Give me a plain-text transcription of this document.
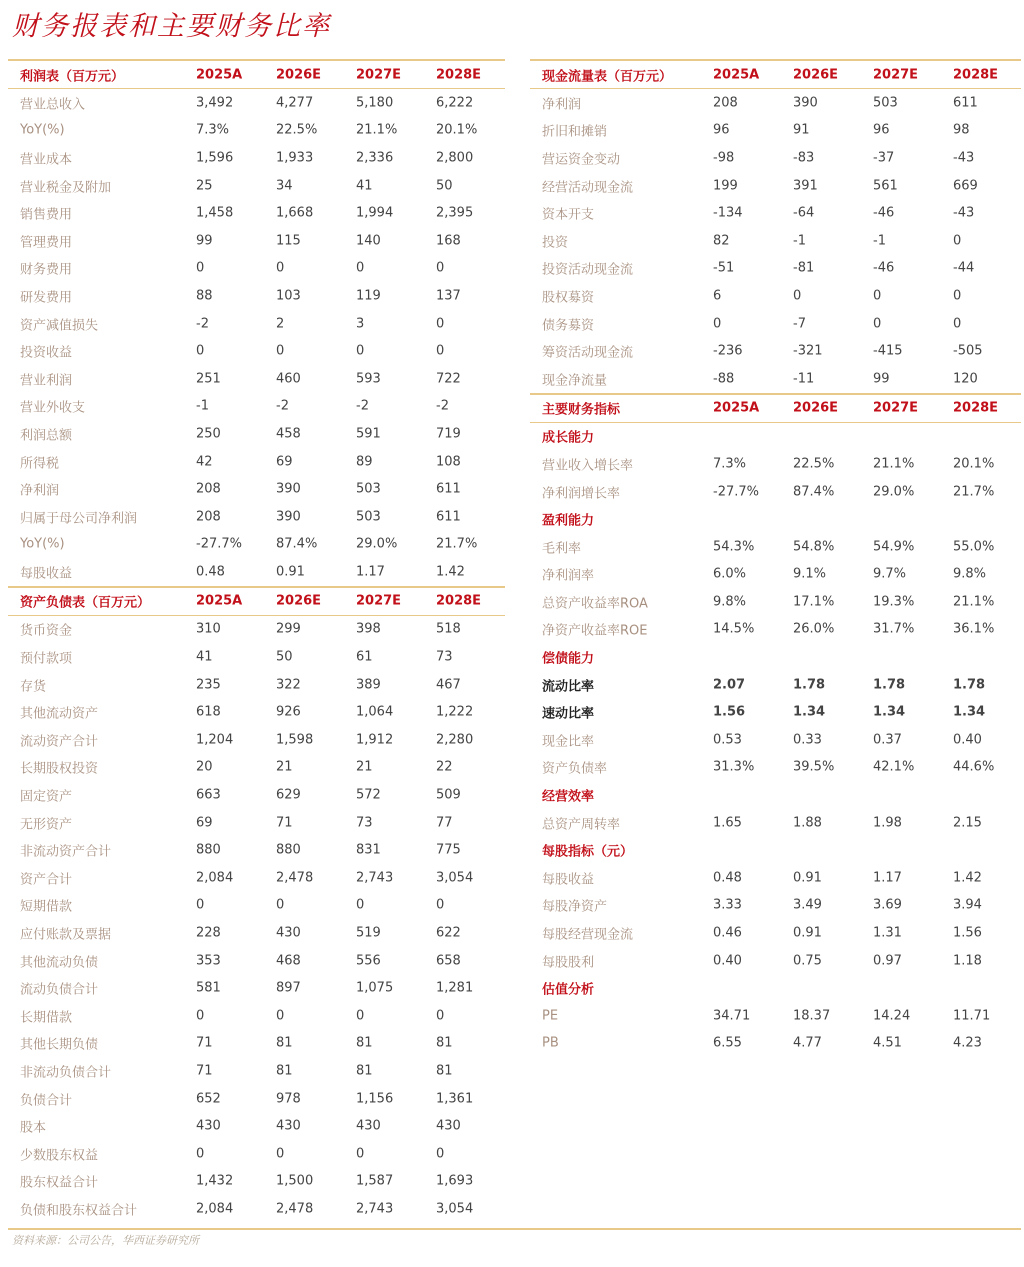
财务报表和主要财务比率
利润表（百万元）	2025A	2026E	2027E	2028E
营业总收入	3,492	4,277	5,180	6,222
YoY(%)	7.3%	22.5%	21.1%	20.1%
营业成本	1,596	1,933	2,336	2,800
营业税金及附加	25	34	41	50
销售费用	1,458	1,668	1,994	2,395
管理费用	99	115	140	168
财务费用	0	0	0	0
研发费用	88	103	119	137
资产减值损失	-2	2	3	0
投资收益	0	0	0	0
营业利润	251	460	593	722
营业外收支	-1	-2	-2	-2
利润总额	250	458	591	719
所得税	42	69	89	108
净利润	208	390	503	611
归属于母公司净利润	208	390	503	611
YoY(%)	-27.7%	87.4%	29.0%	21.7%
每股收益	0.48	0.91	1.17	1.42
资产负债表（百万元）	2025A	2026E	2027E	2028E
货币资金	310	299	398	518
预付款项	41	50	61	73
存货	235	322	389	467
其他流动资产	618	926	1,064	1,222
流动资产合计	1,204	1,598	1,912	2,280
长期股权投资	20	21	21	22
固定资产	663	629	572	509
无形资产	69	71	73	77
非流动资产合计	880	880	831	775
资产合计	2,084	2,478	2,743	3,054
短期借款	0	0	0	0
应付账款及票据	228	430	519	622
其他流动负债	353	468	556	658
流动负债合计	581	897	1,075	1,281
长期借款	0	0	0	0
其他长期负债	71	81	81	81
非流动负债合计	71	81	81	81
负债合计	652	978	1,156	1,361
股本	430	430	430	430
少数股东权益	0	0	0	0
股东权益合计	1,432	1,500	1,587	1,693
负债和股东权益合计	2,084	2,478	2,743	3,054
现金流量表（百万元）	2025A	2026E	2027E	2028E
净利润	208	390	503	611
折旧和摊销	96	91	96	98
营运资金变动	-98	-83	-37	-43
经营活动现金流	199	391	561	669
资本开支	-134	-64	-46	-43
投资	82	-1	-1	0
投资活动现金流	-51	-81	-46	-44
股权募资	6	0	0	0
债务募资	0	-7	0	0
筹资活动现金流	-236	-321	-415	-505
现金净流量	-88	-11	99	120
主要财务指标	2025A	2026E	2027E	2028E
成长能力
营业收入增长率	7.3%	22.5%	21.1%	20.1%
净利润增长率	-27.7%	87.4%	29.0%	21.7%
盈利能力
毛利率	54.3%	54.8%	54.9%	55.0%
净利润率	6.0%	9.1%	9.7%	9.8%
总资产收益率ROA	9.8%	17.1%	19.3%	21.1%
净资产收益率ROE	14.5%	26.0%	31.7%	36.1%
偿债能力
流动比率	2.07	1.78	1.78	1.78
速动比率	1.56	1.34	1.34	1.34
现金比率	0.53	0.33	0.37	0.40
资产负债率	31.3%	39.5%	42.1%	44.6%
经营效率
总资产周转率	1.65	1.88	1.98	2.15
每股指标（元）
每股收益	0.48	0.91	1.17	1.42
每股净资产	3.33	3.49	3.69	3.94
每股经营现金流	0.46	0.91	1.31	1.56
每股股利	0.40	0.75	0.97	1.18
估值分析
PE	34.71	18.37	14.24	11.71
PB	6.55	4.77	4.51	4.23
资料来源：公司公告，华西证券研究所
